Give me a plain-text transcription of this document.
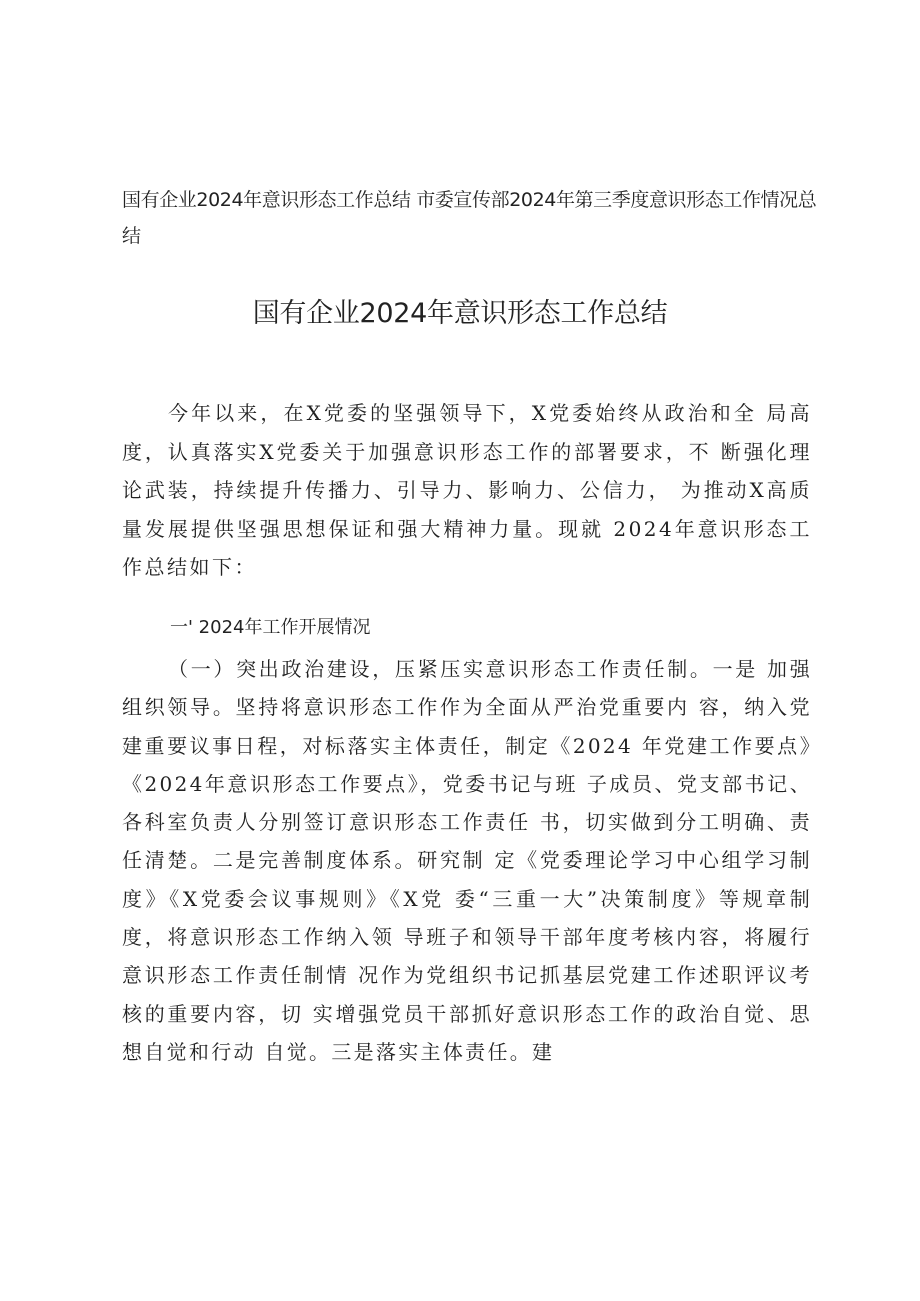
国有企业2024年意识形态工作总结 市委宣传部2024年第三季度意识形态工作情况总结
国有企业2024年意识形态工作总结

今年以来，在X党委的坚强领导下，X党委始终从政治和全 局高度，认真落实X党委关于加强意识形态工作的部署要求，不 断强化理论武装，持续提升传播力、引导力、影响力、公信力， 为推动X高质量发展提供坚强思想保证和强大精神力量。现就 2024年意识形态工作总结如下：

一' 2024年工作开展情况

（一）突出政治建设，压紧压实意识形态工作责任制。一是 加强组织领导。坚持将意识形态工作作为全面从严治党重要内 容，纳入党建重要议事日程，对标落实主体责任，制定《2024 年党建工作要点》《2024年意识形态工作要点》，党委书记与班 子成员、党支部书记、各科室负责人分别签订意识形态工作责任 书，切实做到分工明确、责任清楚。二是完善制度体系。研究制 定《党委理论学习中心组学习制度》《X党委会议事规则》《X党 委“三重一大”决策制度》等规章制度，将意识形态工作纳入领 导班子和领导干部年度考核内容，将履行意识形态工作责任制情 况作为党组织书记抓基层党建工作述职评议考核的重要内容，切 实增强党员干部抓好意识形态工作的政治自觉、思想自觉和行动 自觉。三是落实主体责任。建
